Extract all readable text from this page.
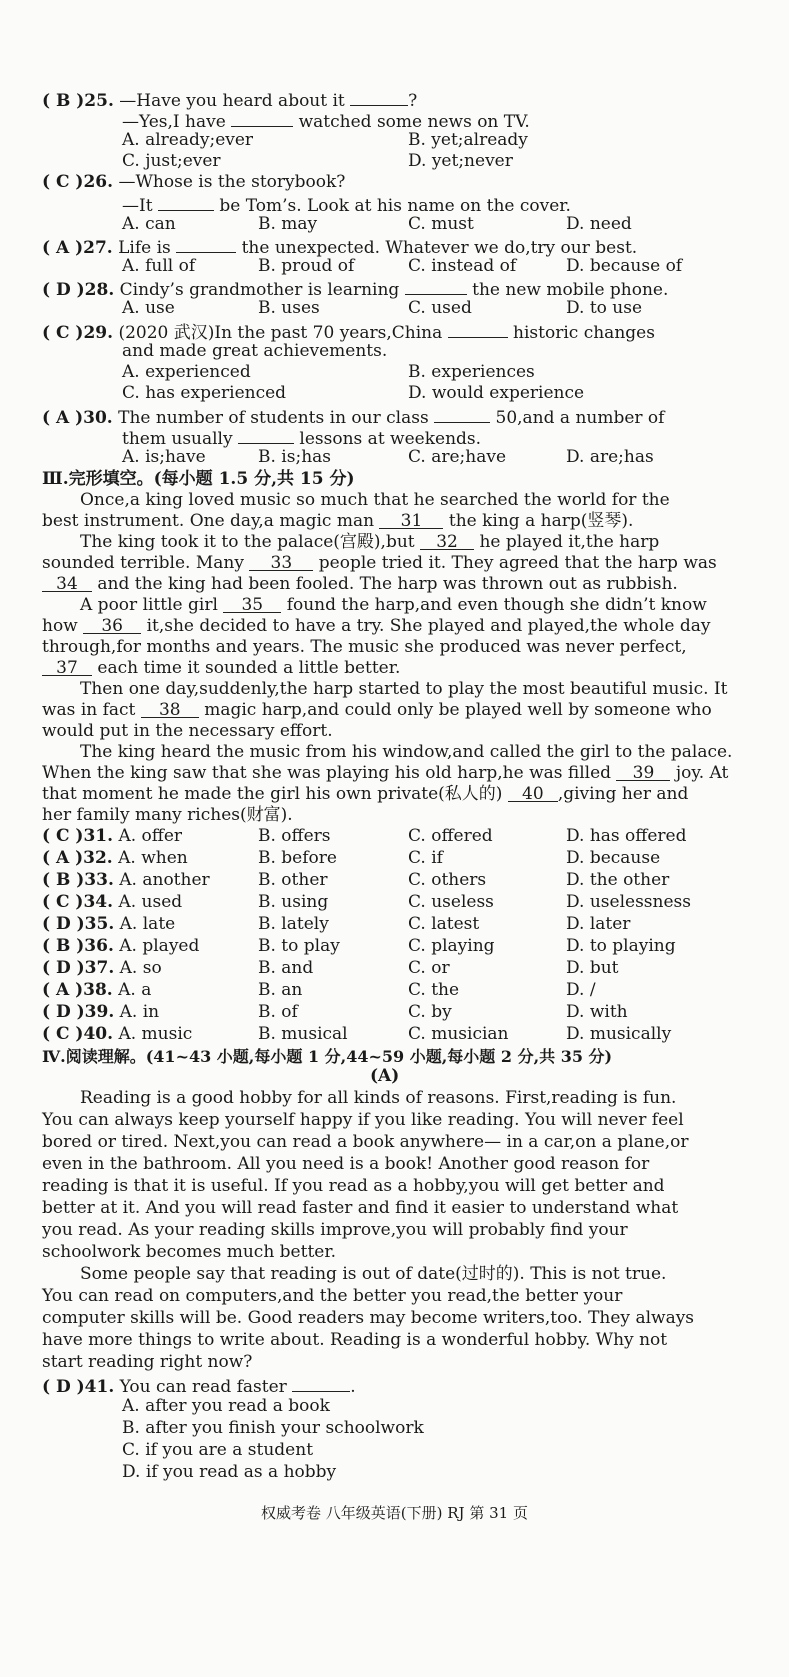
( B )25. —Have you heard about it	?
—Yes,I have	watched some news on TV.
A. already;ever	B. yet;already
C. just;ever	D. yet;never
( C )26. —Whose is the storybook?
—It	be Tom’s. Look at his name on the cover.
A. can	B. may	C. must	D. need
( A )27. Life is	the unexpected. Whatever we do,try our best.
A. full of	B. proud of	C. instead of	D. because of
( D )28. Cindy’s grandmother is learning	the new mobile phone.
A. use	B. uses	C. used	D. to use
( C )29. (2020 武汉)In the past 70 years,China	historic changes
and made great achievements.
A. experienced	B. experiences
C. has experienced	D. would experience
( A )30. The number of students in our class	50,and a number of
them usually	lessons at weekends.
A. is;have	B. is;has	C. are;have	D. are;has
Ⅲ.完形填空。(每小题 1.5 分,共 15 分)
Once,a king loved music so much that he searched the world for the
best instrument. One day,a magic man 31 the king a harp(竖琴).
The king took it to the palace(宫殿),but 32 he played it,the harp
sounded terrible. Many 33 people tried it. They agreed that the harp was
34 and the king had been fooled. The harp was thrown out as rubbish.
A poor little girl 35 found the harp,and even though she didn’t know
how 36 it,she decided to have a try. She played and played,the whole day
through,for months and years. The music she produced was never perfect,
37 each time it sounded a little better.
Then one day,suddenly,the harp started to play the most beautiful music. It
was in fact 38 magic harp,and could only be played well by someone who
would put in the necessary effort.
The king heard the music from his window,and called the girl to the palace.
When the king saw that she was playing his old harp,he was filled 39 joy. At
that moment he made the girl his own private(私人的) 40 ,giving her and
her family many riches(财富).
( C )31. A. offer	B. offers	C. offered	D. has offered
( A )32. A. when	B. before	C. if	D. because
( B )33. A. another	B. other	C. others	D. the other
( C )34. A. used	B. using	C. useless	D. uselessness
( D )35. A. late	B. lately	C. latest	D. later
( B )36. A. played	B. to play	C. playing	D. to playing
( D )37. A. so	B. and	C. or	D. but
( A )38. A. a	B. an	C. the	D. /
( D )39. A. in	B. of	C. by	D. with
( C )40. A. music	B. musical	C. musician	D. musically
Ⅳ.阅读理解。(41~43 小题,每小题 1 分,44~59 小题,每小题 2 分,共 35 分)
(A)
Reading is a good hobby for all kinds of reasons. First,reading is fun.
You can always keep yourself happy if you like reading. You will never feel
bored or tired. Next,you can read a book anywhere— in a car,on a plane,or
even in the bathroom. All you need is a book! Another good reason for
reading is that it is useful. If you read as a hobby,you will get better and
better at it. And you will read faster and find it easier to understand what
you read. As your reading skills improve,you will probably find your
schoolwork becomes much better.
Some people say that reading is out of date(过时的). This is not true.
You can read on computers,and the better you read,the better your
computer skills will be. Good readers may become writers,too. They always
have more things to write about. Reading is a wonderful hobby. Why not
start reading right now?
( D )41. You can read faster	.
A. after you read a book
B. after you finish your schoolwork
C. if you are a student
D. if you read as a hobby
权威考卷 八年级英语(下册) RJ 第 31 页
